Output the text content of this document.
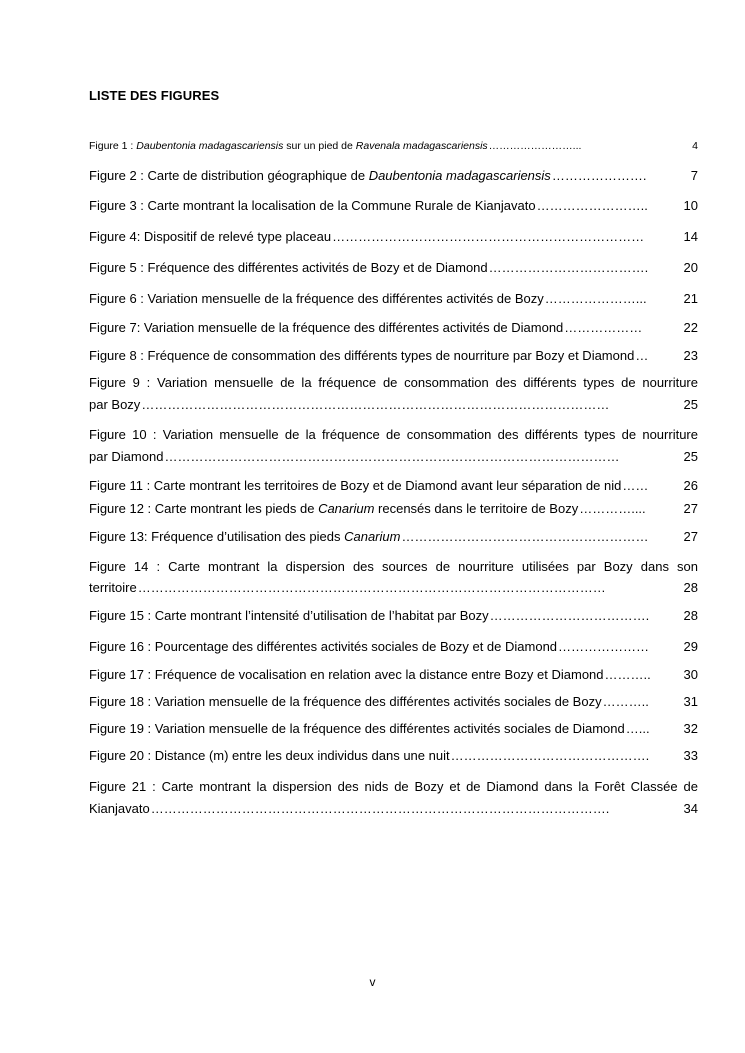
LISTE DES FIGURES
Figure 1 : Daubentonia madagascariensis sur un pied de Ravenala madagascariensis ……………………...	4
Figure 2 : Carte de distribution géographique de Daubentonia madagascariensis ………………….	7
Figure 3 : Carte montrant la localisation de la Commune Rurale de Kianjavato ……………………..	10
Figure 4: Dispositif de relevé type placeau ………………………………………………………………	14
Figure 5 : Fréquence des différentes activités de Bozy et de Diamond ……………………………….	20
Figure 6 : Variation mensuelle de la fréquence des différentes activités de Bozy …………………...	21
Figure 7: Variation mensuelle de la fréquence des différentes activités de Diamond ………………	22
Figure 8 : Fréquence de consommation des différents types de nourriture par Bozy et Diamond …	23
Figure 9 : Variation mensuelle de la fréquence de consommation des différents types de nourriture
par Bozy ………………………………………………………………………………………………	25
Figure 10 : Variation mensuelle de la fréquence de consommation des différents types de nourriture
par Diamond ……………………………………………………………………………………………	25
Figure 11 : Carte montrant les territoires de Bozy et de Diamond avant leur séparation de nid ……	26
Figure 12 : Carte montrant les pieds de Canarium recensés dans le territoire de Bozy …………....	27
Figure 13: Fréquence d’utilisation des pieds Canarium …………………………………………………	27
Figure 14 : Carte montrant la dispersion des sources de nourriture utilisées par Bozy dans son
territoire ………………………………………………………………………………………………	28
Figure 15 : Carte montrant l’intensité d’utilisation de l’habitat par Bozy ……………………………….	28
Figure 16 : Pourcentage des différentes activités sociales de Bozy et de Diamond …………………	29
Figure 17 : Fréquence de vocalisation en relation avec la distance entre Bozy et Diamond ………..	30
Figure 18 : Variation mensuelle de la fréquence des différentes activités sociales de Bozy ………..	31
Figure 19 : Variation mensuelle de la fréquence des différentes activités sociales de Diamond …...	32
Figure 20 : Distance (m) entre les deux individus dans une nuit ……………………………………….	33
Figure 21 : Carte montrant la dispersion des nids de Bozy et de Diamond dans la Forêt Classée de
Kianjavato …………………………………………………………………………………………….	34
v
